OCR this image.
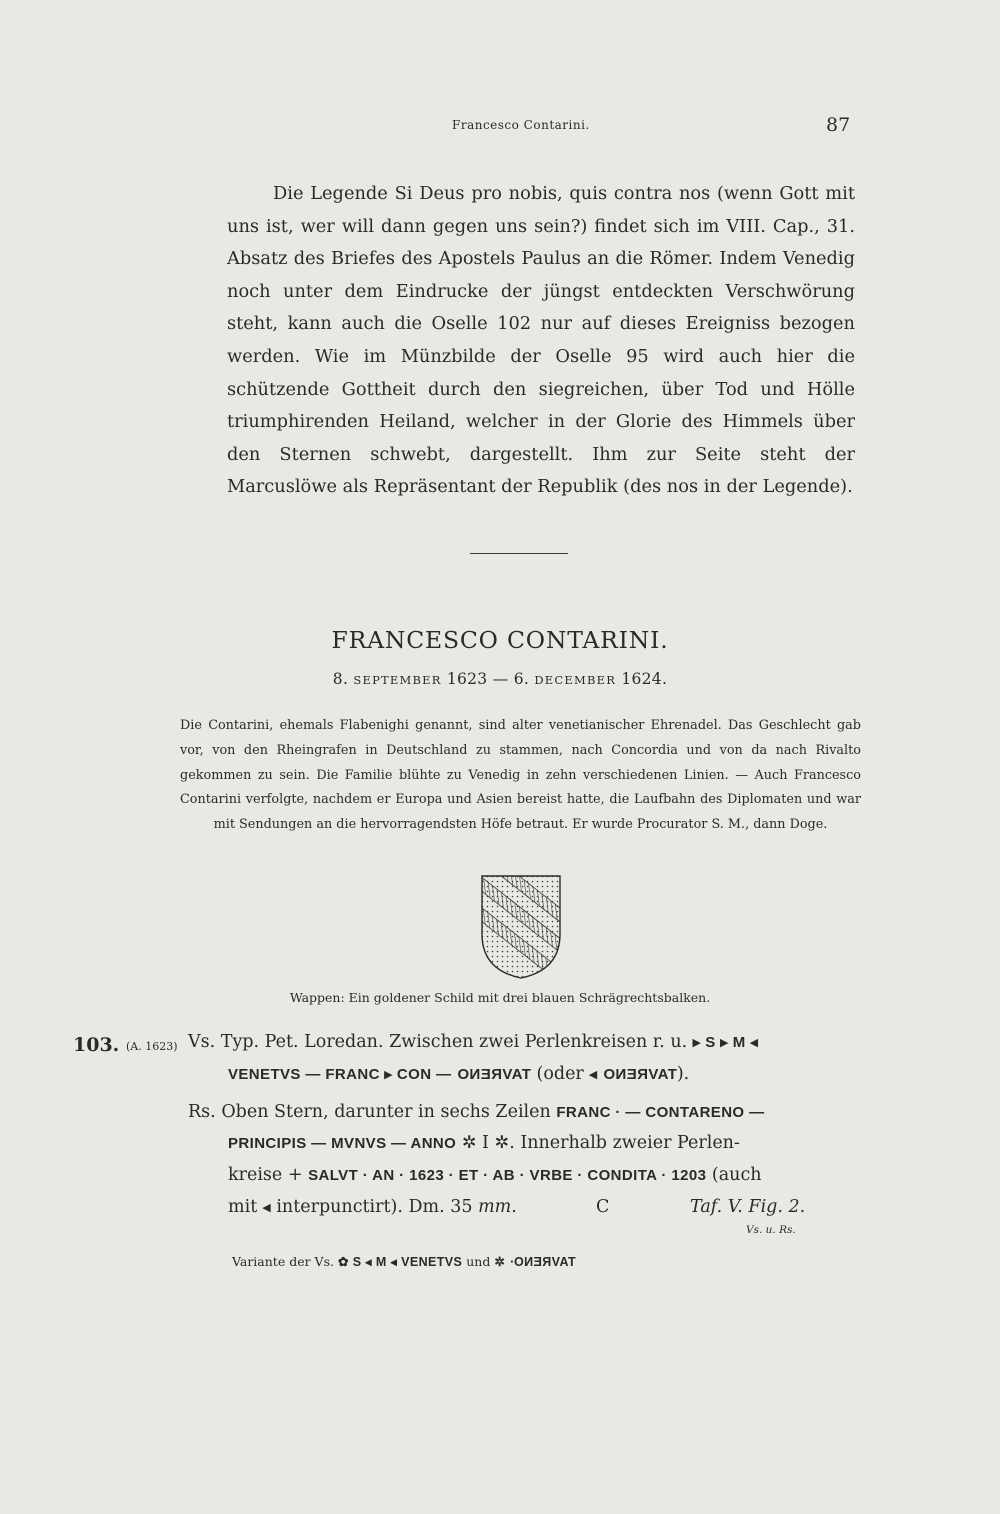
Francesco Contarini.	87

Die Legende Si Deus pro nobis, quis contra nos (wenn Gott mit uns ist, wer will dann gegen uns sein?) findet sich im VIII. Cap., 31. Absatz des Briefes des Apostels Paulus an die Römer. Indem Venedig noch unter dem Eindrucke der jüngst entdeckten Verschwörung steht, kann auch die Oselle 102 nur auf dieses Ereigniss bezogen werden. Wie im Münzbilde der Oselle 95 wird auch hier die schützende Gottheit durch den siegreichen, über Tod und Hölle triumphirenden Heiland, welcher in der Glorie des Himmels über den Sternen schwebt, dargestellt. Ihm zur Seite steht der Marcuslöwe als Repräsentant der Republik (des nos in der Legende).

FRANCESCO CONTARINI.
8. SEPTEMBER 1623 — 6. DECEMBER 1624.
Die Contarini, ehemals Flabenighi genannt, sind alter venetianischer Ehrenadel. Das Geschlecht gab vor, von den Rheingrafen in Deutschland zu stammen, nach Concordia und von da nach Rivalto gekommen zu sein. Die Familie blühte zu Venedig in zehn verschiedenen Linien. — Auch Francesco Contarini verfolgte, nachdem er Europa und Asien bereist hatte, die Laufbahn des Diplomaten und war mit Sendungen an die hervorragendsten Höfe betraut. Er wurde Procurator S. M., dann Doge.
Wappen: Ein goldener Schild mit drei blauen Schrägrechtsbalken.
103. (A. 1623) Vs. Typ. Pet. Loredan. Zwischen zwei Perlenkreisen r. u. ▸ S ▸ M ◂
VENETVS — FRANC ▸ CON — TAVRЕNO (oder ◂ TAVRЕNO).
Rs. Oben Stern, darunter in sechs Zeilen FRANC · — CONTARENO —
PRINCIPIS — MVNVS — ANNO ✲ I ✲. Innerhalb zweier Perlen-
kreise + SALVT · AN · 1623 · ET · AB · VRBE · CONDITA · 1203 (auch
mit ◂ interpunctirt). Dm. 35 mm.	C	Taf. V. Fig. 2.
Vs. u. Rs.
Variante der Vs. ✿ S ◂ M ◂ VENETVS und ✲ TAVRЕNO·
